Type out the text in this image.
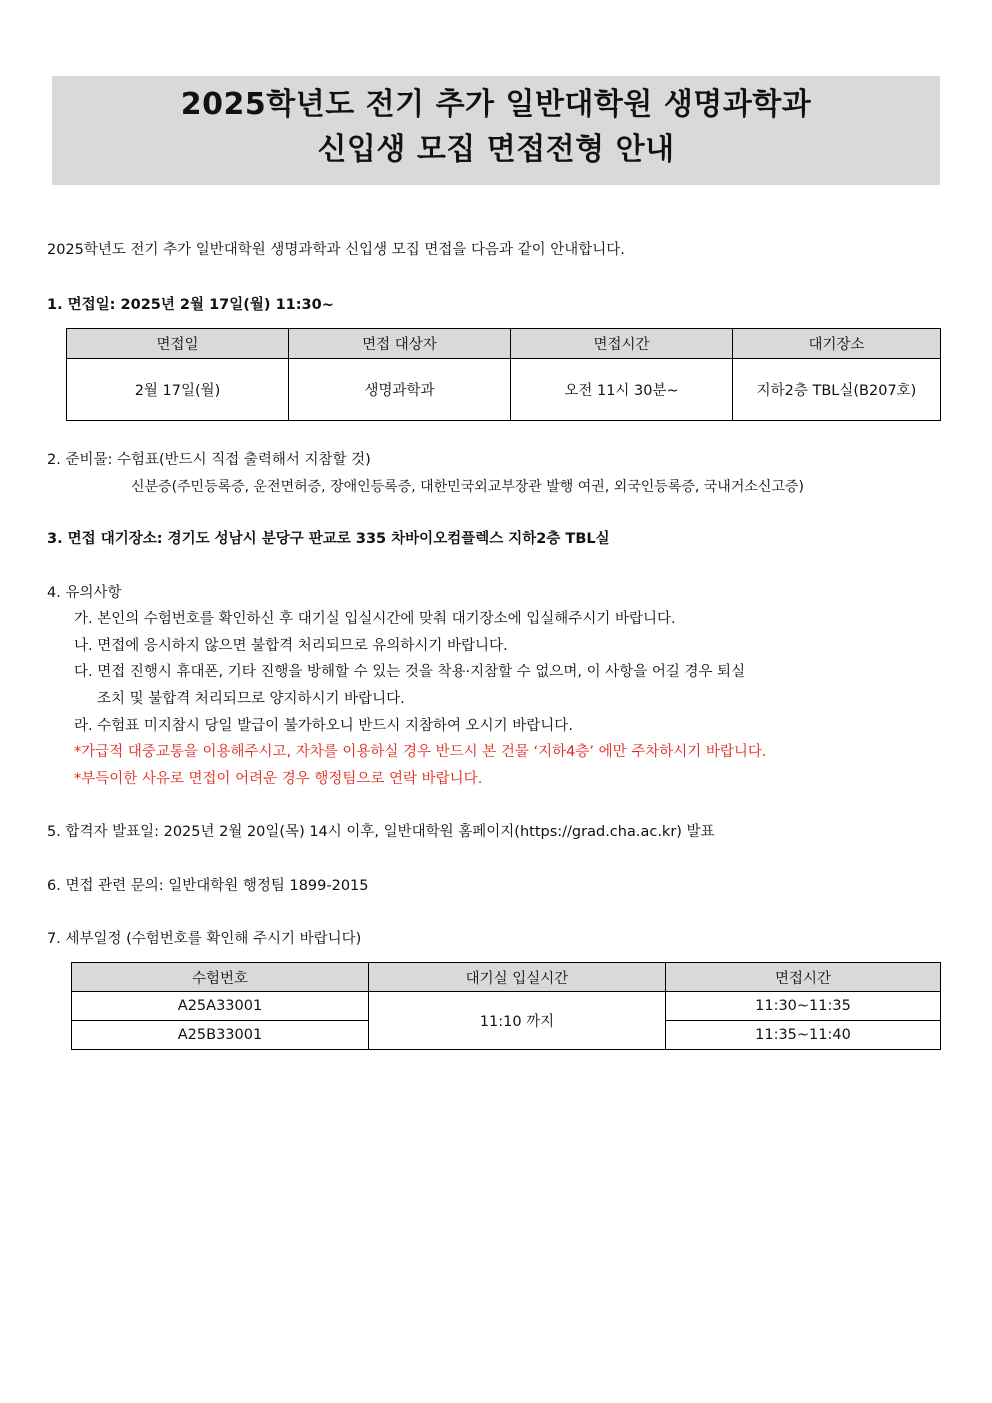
2025학년도 전기 추가 일반대학원 생명과학과
신입생 모집 면접전형 안내
2025학년도 전기 추가 일반대학원 생명과학과 신입생 모집 면접을 다음과 같이 안내합니다.
1. 면접일: 2025년 2월 17일(월) 11:30~
면접일	면접 대상자	면접시간	대기장소
2월 17일(월)	생명과학과	오전 11시 30분~	지하2층 TBL실(B207호)
2. 준비물: 수험표(반드시 직접 출력해서 지참할 것)
신분증(주민등록증, 운전면허증, 장애인등록증, 대한민국외교부장관 발행 여권, 외국인등록증, 국내거소신고증)
3. 면접 대기장소: 경기도 성남시 분당구 판교로 335 차바이오컴플렉스 지하2층 TBL실
4. 유의사항
가. 본인의 수험번호를 확인하신 후 대기실 입실시간에 맞춰 대기장소에 입실해주시기 바랍니다.
나. 면접에 응시하지 않으면 불합격 처리되므로 유의하시기 바랍니다.
다. 면접 진행시 휴대폰, 기타 진행을 방해할 수 있는 것을 착용·지참할 수 없으며, 이 사항을 어길 경우 퇴실
조치 및 불합격 처리되므로 양지하시기 바랍니다.
라. 수험표 미지참시 당일 발급이 불가하오니 반드시 지참하여 오시기 바랍니다.
*가급적 대중교통을 이용해주시고, 자차를 이용하실 경우 반드시 본 건물 ‘지하4층’ 에만 주차하시기 바랍니다.
*부득이한 사유로 면접이 어려운 경우 행정팀으로 연락 바랍니다.
5. 합격자 발표일: 2025년 2월 20일(목) 14시 이후, 일반대학원 홈페이지(https://grad.cha.ac.kr) 발표
6. 면접 관련 문의: 일반대학원 행정팀 1899-2015
7. 세부일정 (수험번호를 확인해 주시기 바랍니다)
수험번호	대기실 입실시간	면접시간
A25A33001	11:10 까지	11:30~11:35
A25B33001		11:35~11:40
